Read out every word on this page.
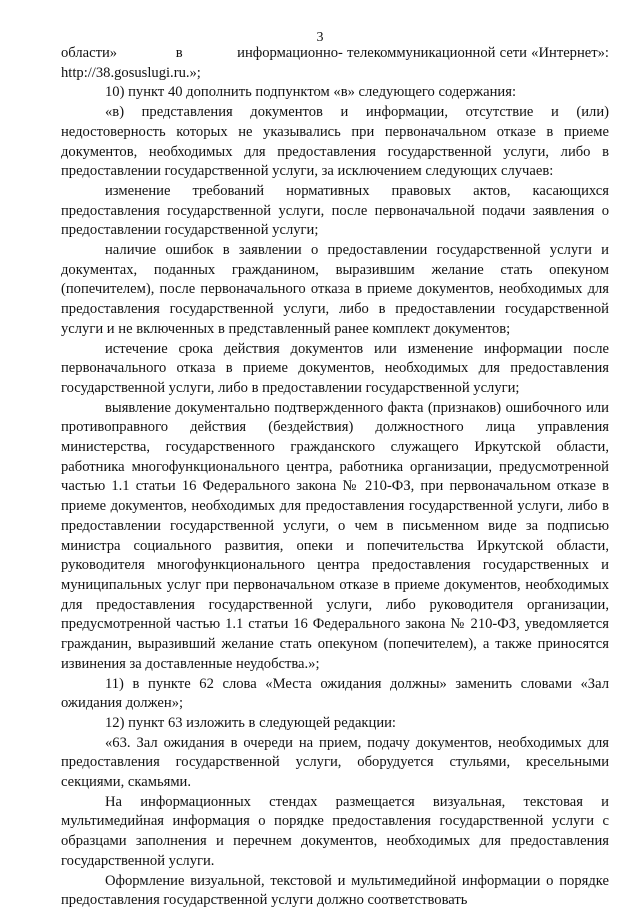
3

области»              в             информационно- телекоммуникационной сети «Интернет»: http://38.gosuslugi.ru.»;

10) пункт 40 дополнить подпунктом «в» следующего содержания:

«в) представления документов и информации, отсутствие и (или) недостоверность которых не указывались при первоначальном отказе в приеме документов, необходимых для предоставления государственной услуги, либо в предоставлении государственной услуги, за исключением следующих случаев:

изменение требований нормативных правовых актов, касающихся предоставления государственной услуги, после первоначальной подачи заявления о предоставлении государственной услуги;

наличие ошибок в заявлении о предоставлении государственной услуги и документах, поданных гражданином, выразившим желание стать опекуном (попечителем), после первоначального отказа в приеме документов, необходимых для предоставления государственной услуги, либо в предоставлении государственной услуги и не включенных в представленный ранее комплект документов;

истечение срока действия документов или изменение информации после первоначального отказа в приеме документов, необходимых для предоставления государственной услуги, либо в предоставлении государственной услуги;

выявление документально подтвержденного факта (признаков) ошибочного или противоправного действия (бездействия) должностного лица управления министерства, государственного гражданского служащего Иркутской области, работника многофункционального центра, работника организации, предусмотренной частью 1.1 статьи 16 Федерального закона № 210-ФЗ, при первоначальном отказе в приеме документов, необходимых для предоставления государственной услуги, либо в предоставлении государственной услуги, о чем в письменном виде за подписью министра социального развития, опеки и попечительства Иркутской области, руководителя многофункционального центра предоставления государственных и муниципальных услуг при первоначальном отказе в приеме документов, необходимых для предоставления государственной услуги, либо руководителя организации, предусмотренной частью 1.1 статьи 16 Федерального закона № 210-ФЗ, уведомляется гражданин, выразивший желание стать опекуном (попечителем), а также приносятся извинения за доставленные неудобства.»;

11) в пункте 62 слова «Места ожидания должны» заменить словами «Зал ожидания должен»;

12) пункт 63 изложить в следующей редакции:

«63. Зал ожидания в очереди на прием, подачу документов, необходимых для предоставления государственной услуги, оборудуется стульями, кресельными секциями, скамьями.

На информационных стендах размещается визуальная, текстовая и мультимедийная информация о порядке предоставления государственной услуги с образцами заполнения и перечнем документов, необходимых для предоставления государственной услуги.

Оформление визуальной, текстовой и мультимедийной информации о порядке предоставления государственной услуги должно соответствовать
